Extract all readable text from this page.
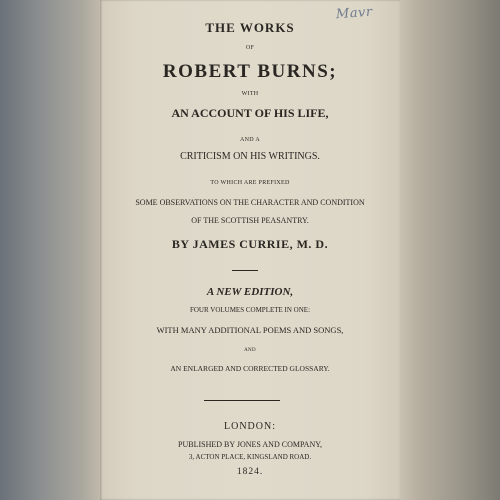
Mavr
THE WORKS
OF
ROBERT BURNS;
WITH
AN ACCOUNT OF HIS LIFE,
AND A
CRITICISM ON HIS WRITINGS.
TO WHICH ARE PREFIXED
SOME OBSERVATIONS ON THE CHARACTER AND CONDITION
OF THE SCOTTISH PEASANTRY.
BY JAMES CURRIE, M. D.
A NEW EDITION,
FOUR VOLUMES COMPLETE IN ONE:
WITH MANY ADDITIONAL POEMS AND SONGS,
AND
AN ENLARGED AND CORRECTED GLOSSARY.
LONDON:
PUBLISHED BY JONES AND COMPANY,
3, ACTON PLACE, KINGSLAND ROAD.
1824.
